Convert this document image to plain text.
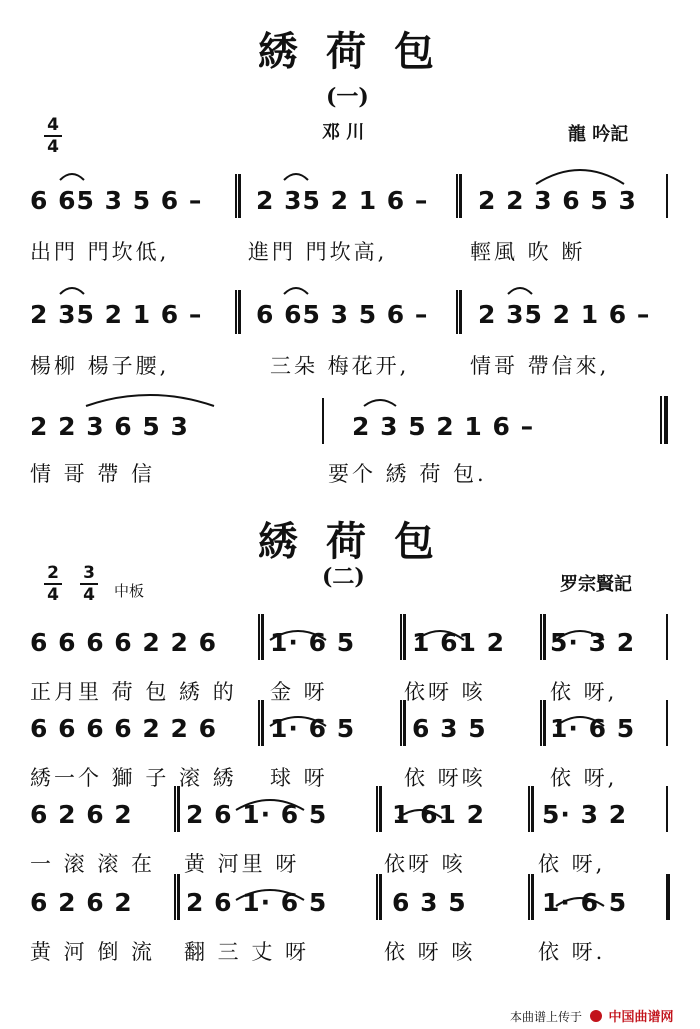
綉荷包
(一)
邓 川	龍 吟記
4
4
6 65 3 5 6 – 2 35 2 1 6 – 2 2 3 6 5 3
出門 門坎低,	進門 門坎高,	輕風 吹 断
2 35 2 1 6 – 6 65 3 5 6 – 2 35 2 1 6 –
楊柳 楊子腰,	三朵 梅花开,	情哥 帶信來,
2 2 3 6 5 3	2 3 5 2 1 6 –
情 哥 帶 信	要个 綉 荷 包.
綉荷包
(二)	罗宗賢記
2
4
3
4 中板
6 6 6 6 2 2 6 1· 6 5 1 61 2 5· 3 2
正月里 荷 包 綉 的 金 呀	依呀 咳	依 呀,
6 6 6 6 2 2 6 1· 6 5 6 3 5	1· 6 5
綉一个 獅 子 滚 綉 球 呀	依 呀咳	依 呀,
6 2 6 2 2 6 1· 6 5	1 61 2 5· 3 2
一 滚 滚 在 黄 河里 呀	依呀 咳	依 呀,
6 2 6 2 2 6 1· 6 5	6 3 5	1· 6 5
黄 河 倒 流 翻 三 丈 呀	依 呀 咳	依 呀.
本曲谱上传于	中国曲谱网
